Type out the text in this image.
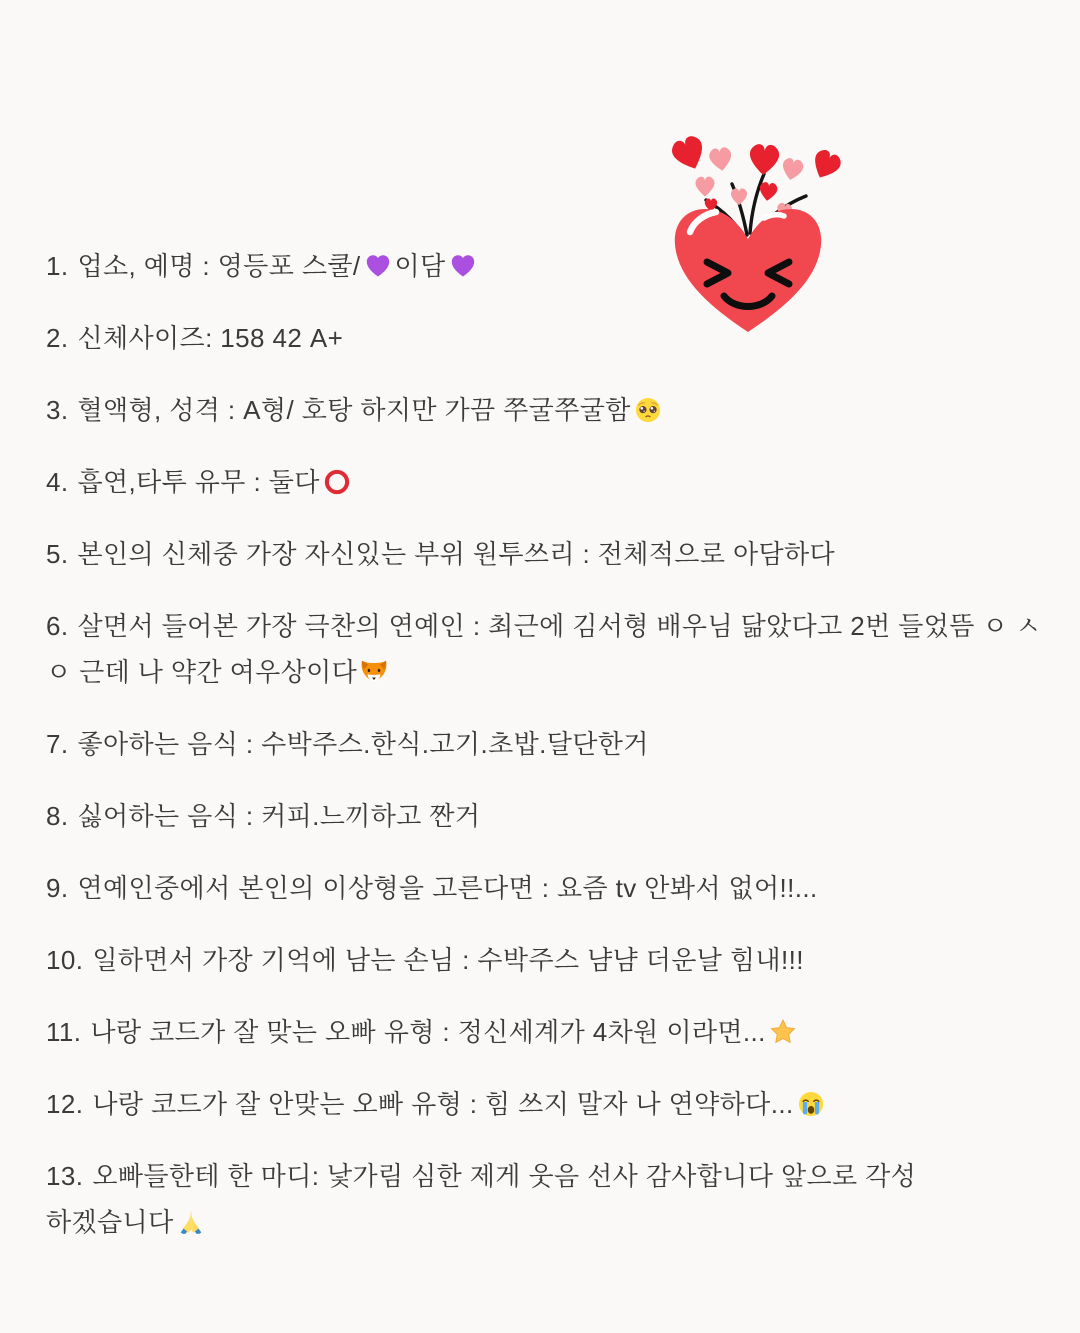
1. 업소, 예명 : 영등포 스쿨/ 이담
2. 신체사이즈: 158 42 A+
3. 혈액형, 성격 : A형/ 호탕 하지만 가끔 쭈굴쭈굴함
4. 흡연,타투 유무 : 둘다
5. 본인의 신체중 가장 자신있는 부위 원투쓰리 : 전체적으로 아담하다
6. 살면서 들어본 가장 극찬의 연예인 : 최근에 김서형 배우님 닮았다고 2번 들었뜸 ㅇ ㅅ ㅇ 근데 나 약간 여우상이다
7. 좋아하는 음식 : 수박주스.한식.고기.초밥.달단한거
8. 싫어하는 음식 : 커피.느끼하고 짠거
9. 연예인중에서 본인의 이상형을 고른다면 : 요즘 tv 안봐서 없어!!...
10. 일하면서 가장 기억에 남는 손님 : 수박주스 냠냠 더운날 힘내!!!
11. 나랑 코드가 잘 맞는 오빠 유형 : 정신세계가 4차원 이라면...
12. 나랑 코드가 잘 안맞는 오빠 유형 : 힘 쓰지 말자 나 연약하다...
13. 오빠들한테 한 마디: 낯가림 심한 제게 웃음 선사 감사합니다 앞으로 각성 하겠습니다
